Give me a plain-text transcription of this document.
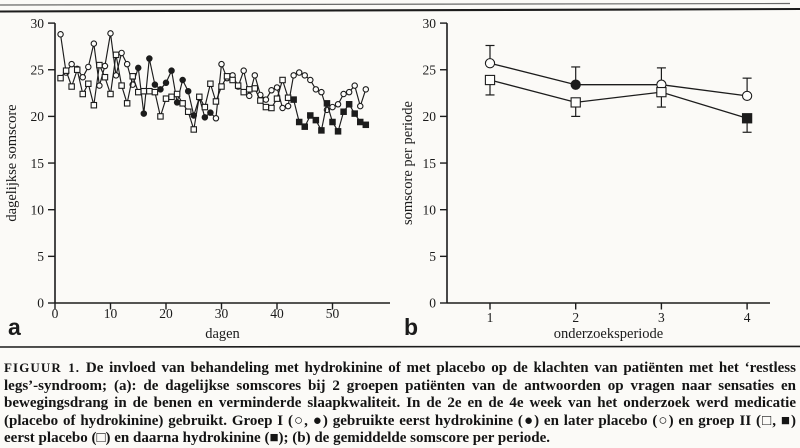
0
5
10
15
20
25
30
0	10	20	30	40	50
dagelijkse somscore
dagen
a
0
5
10
15
20
25
30
1	2	3	4
somscore per periode
onderzoeksperiode
b
FIGUUR 1. De invloed van behandeling met hydrokinine of met placebo op de klachten van patiënten met het ‘restless legs’-syndroom; (a): de dagelijkse somscores bij 2 groepen patiënten van de antwoorden op vragen naar sensaties en bewegingsdrang in de benen en verminderde slaapkwaliteit. In de 2e en de 4e week van het onderzoek werd medicatie (placebo of hydrokinine) gebruikt. Groep I (○, ●) gebruikte eerst hydrokinine (●) en later placebo (○) en groep II (□, ■) eerst placebo (□) en daarna hydrokinine (■); (b) de gemiddelde somscore per periode.
